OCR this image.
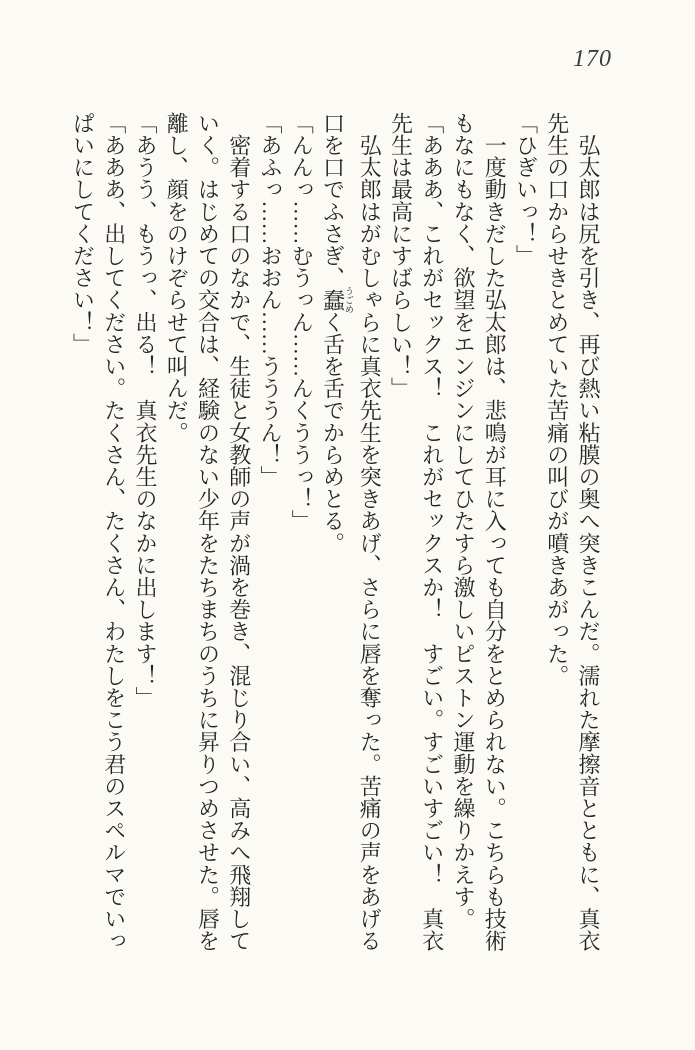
170

　弘太郎は尻を引き、再び熱い粘膜の奥へ突きこんだ。濡れた摩擦音とともに、真衣

先生の口からせきとめていた苦痛の叫びが噴きあがった。

「ひぎいっ！」

　一度動きだした弘太郎は、悲鳴が耳に入っても自分をとめられない。こちらも技術

もなにもなく、欲望をエンジンにしてひたすら激しいピストン運動を繰りかえす。

「あああ、これがセックス！　これがセックスか！　すごい。すごいすごい！　真衣

先生は最高にすばらしい！」

　弘太郎はがむしゃらに真衣先生を突きあげ、さらに唇を奪った。苦痛の声をあげる

口を口でふさぎ、蠢うごめく舌を舌でからめとる。

「んんっ……むうっん……んくううっ！」

「あふっ……おおん……うううん！」

　密着する口のなかで、生徒と女教師の声が渦を巻き、混じり合い、高みへ飛翔して

いく。はじめての交合は、経験のない少年をたちまちのうちに昇りつめさせた。唇を

離し、顔をのけぞらせて叫んだ。

「あうう、もうっ、出る！　真衣先生のなかに出します！」

「あああ、出してください。たくさん、たくさん、わたしをこう君のスペルマでいっ

ぱいにしてください！」
